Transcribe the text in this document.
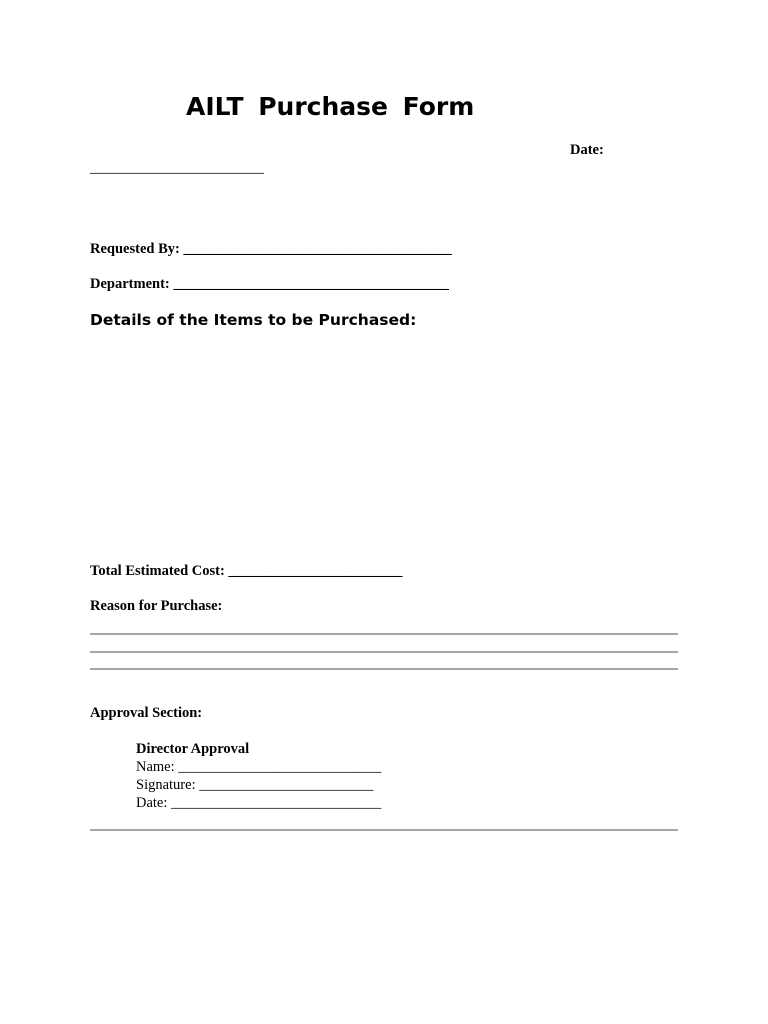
AILT Purchase Form
Date:
________________________
Requested By: _____________________________________
Department: ______________________________________
Details of the Items to be Purchased:
Total Estimated Cost: ________________________
Reason for Purchase:
Approval Section:
Director Approval
Name: ____________________________
Signature: ________________________
Date: _____________________________
